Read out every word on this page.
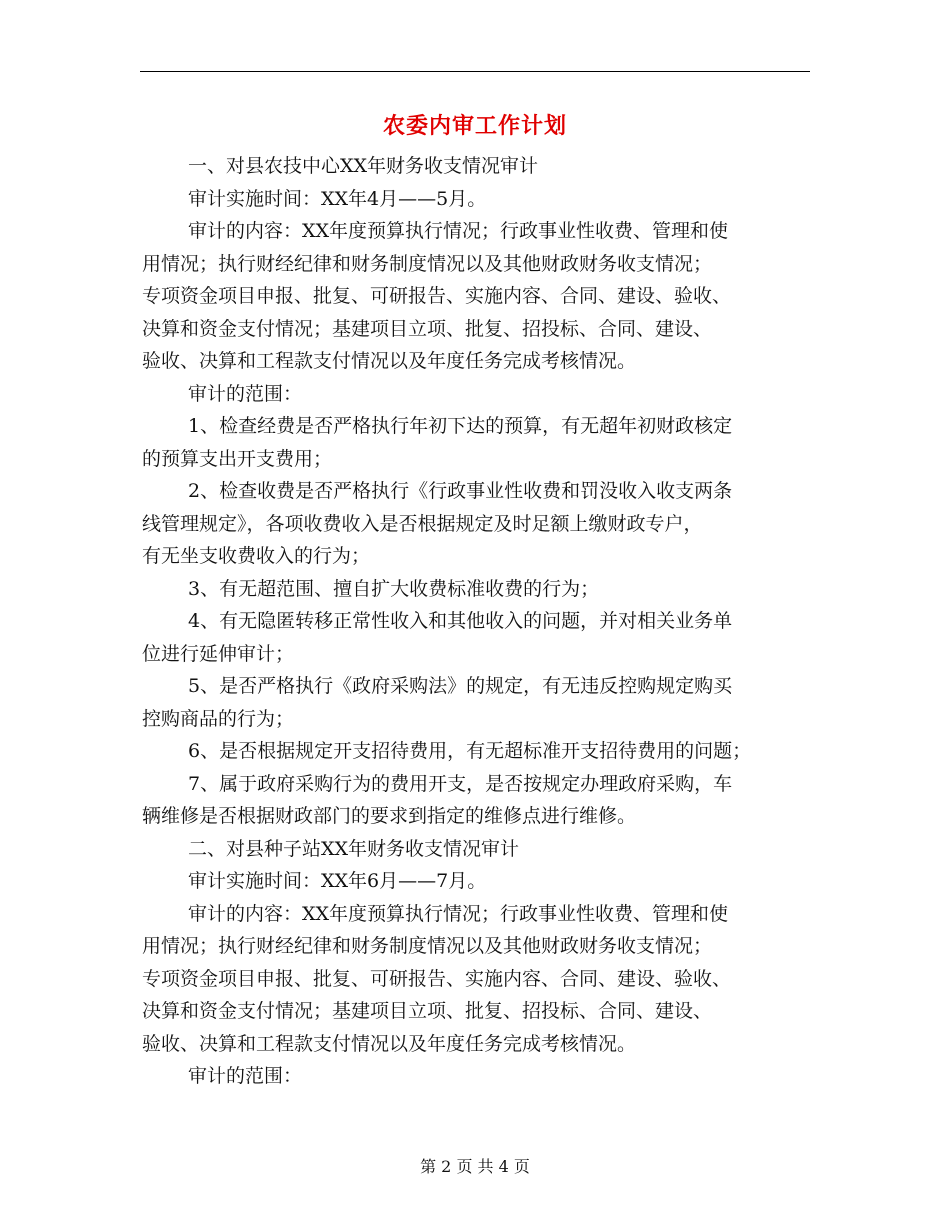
农委内审工作计划

一、对县农技中心XX年财务收支情况审计

审计实施时间：XX年4月——5月。

审计的内容：XX年度预算执行情况；行政事业性收费、管理和使

用情况；执行财经纪律和财务制度情况以及其他财政财务收支情况；

专项资金项目申报、批复、可研报告、实施内容、合同、建设、验收、

决算和资金支付情况；基建项目立项、批复、招投标、合同、建设、

验收、决算和工程款支付情况以及年度任务完成考核情况。

审计的范围：

1、检查经费是否严格执行年初下达的预算，有无超年初财政核定

的预算支出开支费用；

2、检查收费是否严格执行《行政事业性收费和罚没收入收支两条

线管理规定》，各项收费收入是否根据规定及时足额上缴财政专户，

有无坐支收费收入的行为；

3、有无超范围、擅自扩大收费标准收费的行为；

4、有无隐匿转移正常性收入和其他收入的问题，并对相关业务单

位进行延伸审计；

5、是否严格执行《政府采购法》的规定，有无违反控购规定购买

控购商品的行为；

6、是否根据规定开支招待费用，有无超标准开支招待费用的问题；

7、属于政府采购行为的费用开支，是否按规定办理政府采购，车

辆维修是否根据财政部门的要求到指定的维修点进行维修。

二、对县种子站XX年财务收支情况审计

审计实施时间：XX年6月——7月。

审计的内容：XX年度预算执行情况；行政事业性收费、管理和使

用情况；执行财经纪律和财务制度情况以及其他财政财务收支情况；

专项资金项目申报、批复、可研报告、实施内容、合同、建设、验收、

决算和资金支付情况；基建项目立项、批复、招投标、合同、建设、

验收、决算和工程款支付情况以及年度任务完成考核情况。

审计的范围：

第 2 页 共 4 页
